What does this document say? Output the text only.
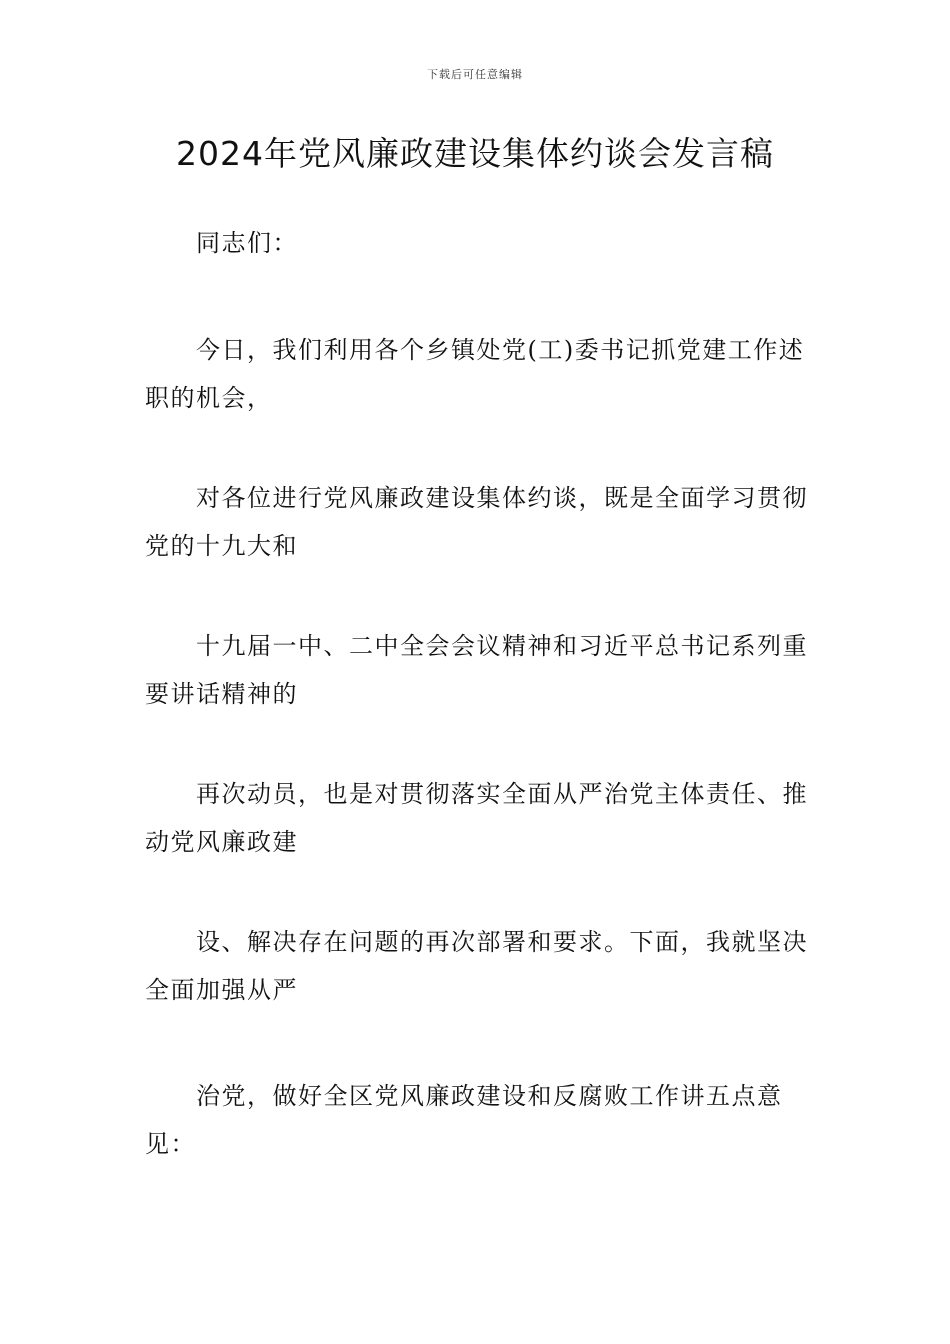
下载后可任意编辑
2024年党风廉政建设集体约谈会发言稿

同志们：

今日，我们利用各个乡镇处党(工)委书记抓党建工作述职的机会，

对各位进行党风廉政建设集体约谈，既是全面学习贯彻党的十九大和

十九届一中、二中全会会议精神和习近平总书记系列重要讲话精神的

再次动员，也是对贯彻落实全面从严治党主体责任、推动党风廉政建

设、解决存在问题的再次部署和要求。下面，我就坚决全面加强从严

治党，做好全区党风廉政建设和反腐败工作讲五点意见：
